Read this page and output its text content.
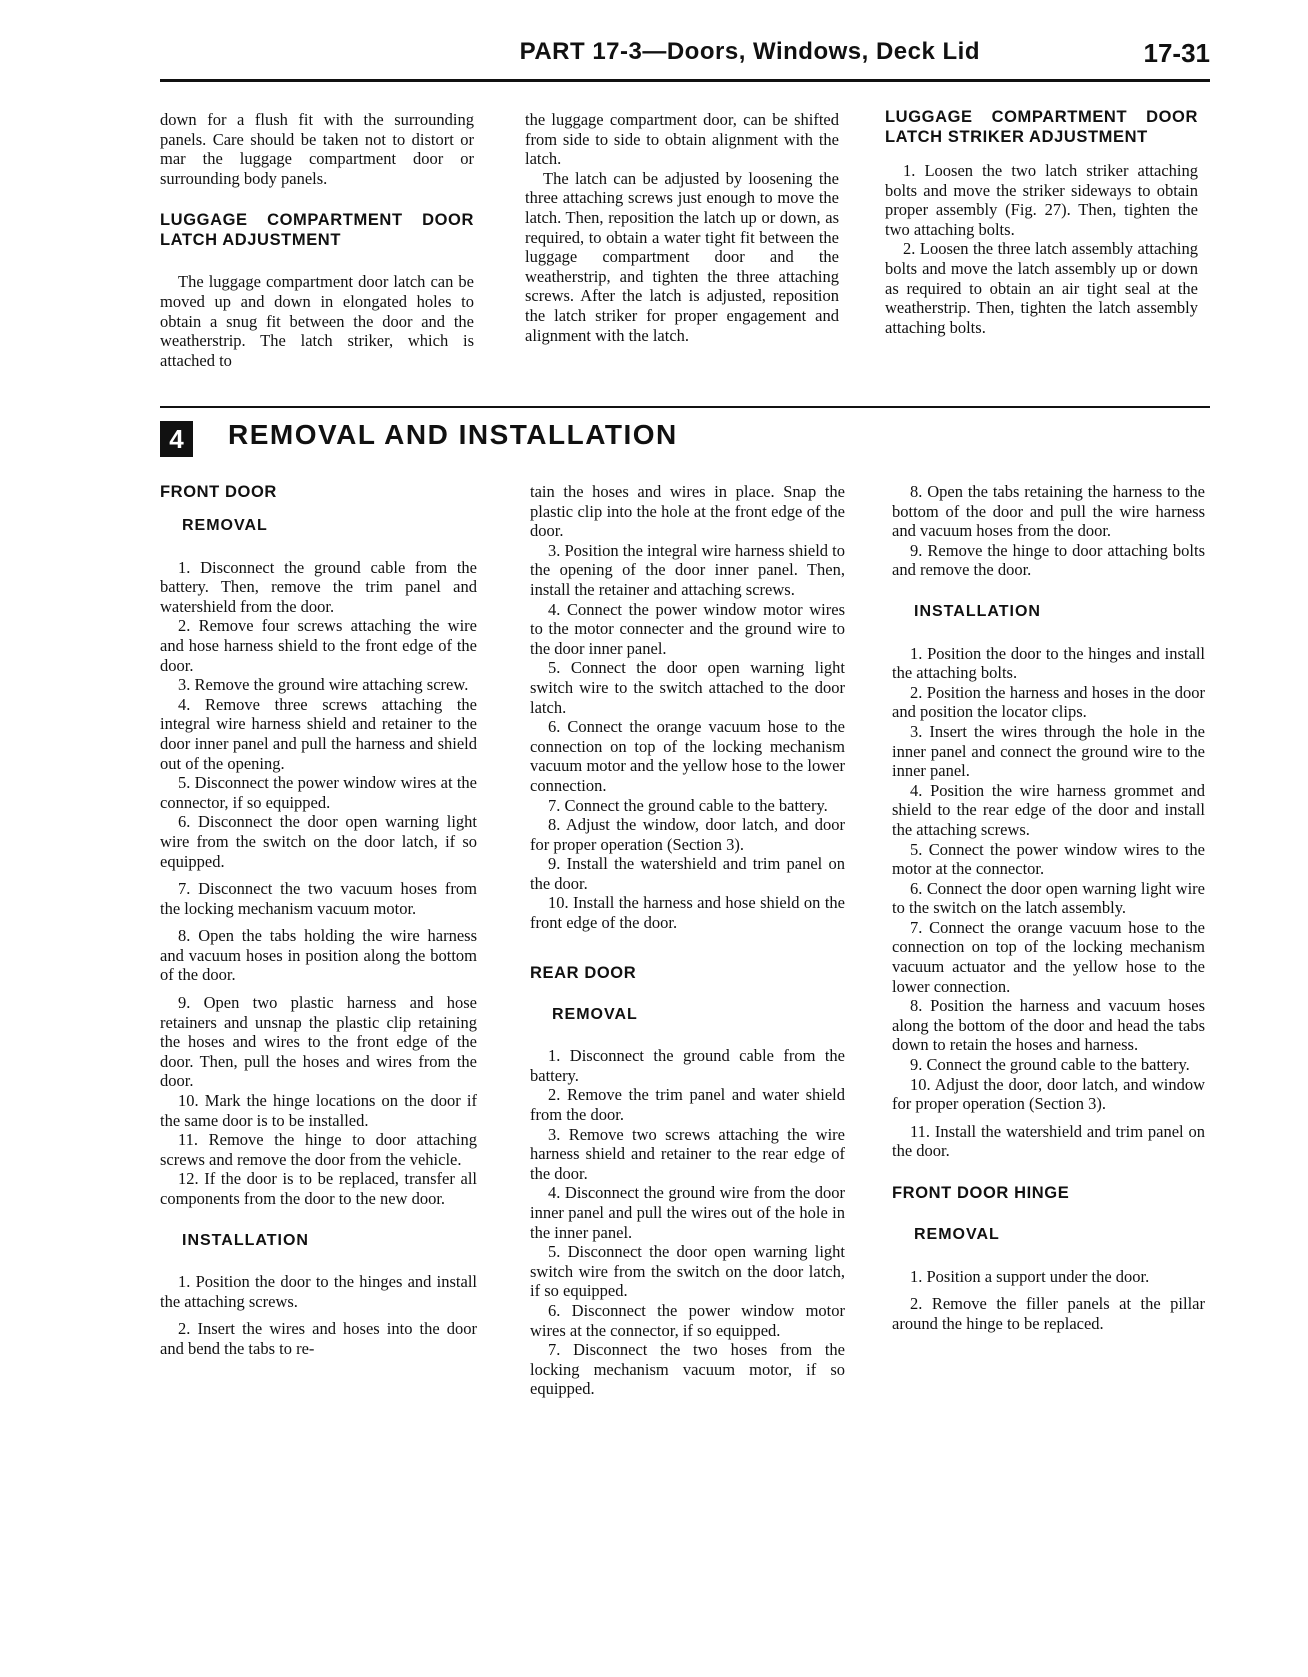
PART 17-3—Doors, Windows, Deck Lid	17-31

down for a flush fit with the surrounding panels. Care should be taken not to distort or mar the luggage compartment door or surrounding body panels.

LUGGAGE COMPARTMENT DOOR LATCH ADJUSTMENT

The luggage compartment door latch can be moved up and down in elongated holes to obtain a snug fit between the door and the weatherstrip. The latch striker, which is attached to

the luggage compartment door, can be shifted from side to side to obtain alignment with the latch.

The latch can be adjusted by loosening the three attaching screws just enough to move the latch. Then, reposition the latch up or down, as required, to obtain a water tight fit between the luggage compartment door and the weatherstrip, and tighten the three attaching screws. After the latch is adjusted, reposition the latch striker for proper engagement and alignment with the latch.

LUGGAGE COMPARTMENT DOOR LATCH STRIKER ADJUSTMENT

1. Loosen the two latch striker attaching bolts and move the striker sideways to obtain proper assembly (Fig. 27). Then, tighten the two attaching bolts.

2. Loosen the three latch assembly attaching bolts and move the latch assembly up or down as required to obtain an air tight seal at the weatherstrip. Then, tighten the latch assembly attaching bolts.

4	REMOVAL AND INSTALLATION
FRONT DOOR
REMOVAL

1. Disconnect the ground cable from the battery. Then, remove the trim panel and watershield from the door.

2. Remove four screws attaching the wire and hose harness shield to the front edge of the door.

3. Remove the ground wire attaching screw.

4. Remove three screws attaching the integral wire harness shield and retainer to the door inner panel and pull the harness and shield out of the opening.

5. Disconnect the power window wires at the connector, if so equipped.

6. Disconnect the door open warning light wire from the switch on the door latch, if so equipped.

7. Disconnect the two vacuum hoses from the locking mechanism vacuum motor.

8. Open the tabs holding the wire harness and vacuum hoses in position along the bottom of the door.

9. Open two plastic harness and hose retainers and unsnap the plastic clip retaining the hoses and wires to the front edge of the door. Then, pull the hoses and wires from the door.

10. Mark the hinge locations on the door if the same door is to be installed.

11. Remove the hinge to door attaching screws and remove the door from the vehicle.

12. If the door is to be replaced, transfer all components from the door to the new door.

INSTALLATION

1. Position the door to the hinges and install the attaching screws.

2. Insert the wires and hoses into the door and bend the tabs to re-

tain the hoses and wires in place. Snap the plastic clip into the hole at the front edge of the door.

3. Position the integral wire harness shield to the opening of the door inner panel. Then, install the retainer and attaching screws.

4. Connect the power window motor wires to the motor connecter and the ground wire to the door inner panel.

5. Connect the door open warning light switch wire to the switch attached to the door latch.

6. Connect the orange vacuum hose to the connection on top of the locking mechanism vacuum motor and the yellow hose to the lower connection.

7. Connect the ground cable to the battery.

8. Adjust the window, door latch, and door for proper operation (Section 3).

9. Install the watershield and trim panel on the door.

10. Install the harness and hose shield on the front edge of the door.

REAR DOOR
REMOVAL

1. Disconnect the ground cable from the battery.

2. Remove the trim panel and water shield from the door.

3. Remove two screws attaching the wire harness shield and retainer to the rear edge of the door.

4. Disconnect the ground wire from the door inner panel and pull the wires out of the hole in the inner panel.

5. Disconnect the door open warning light switch wire from the switch on the door latch, if so equipped.

6. Disconnect the power window motor wires at the connector, if so equipped.

7. Disconnect the two hoses from the locking mechanism vacuum motor, if so equipped.

8. Open the tabs retaining the harness to the bottom of the door and pull the wire harness and vacuum hoses from the door.

9. Remove the hinge to door attaching bolts and remove the door.

INSTALLATION

1. Position the door to the hinges and install the attaching bolts.

2. Position the harness and hoses in the door and position the locator clips.

3. Insert the wires through the hole in the inner panel and connect the ground wire to the inner panel.

4. Position the wire harness grommet and shield to the rear edge of the door and install the attaching screws.

5. Connect the power window wires to the motor at the connector.

6. Connect the door open warning light wire to the switch on the latch assembly.

7. Connect the orange vacuum hose to the connection on top of the locking mechanism vacuum actuator and the yellow hose to the lower connection.

8. Position the harness and vacuum hoses along the bottom of the door and head the tabs down to retain the hoses and harness.

9. Connect the ground cable to the battery.

10. Adjust the door, door latch, and window for proper operation (Section 3).

11. Install the watershield and trim panel on the door.

FRONT DOOR HINGE
REMOVAL

1. Position a support under the door.

2. Remove the filler panels at the pillar around the hinge to be replaced.
